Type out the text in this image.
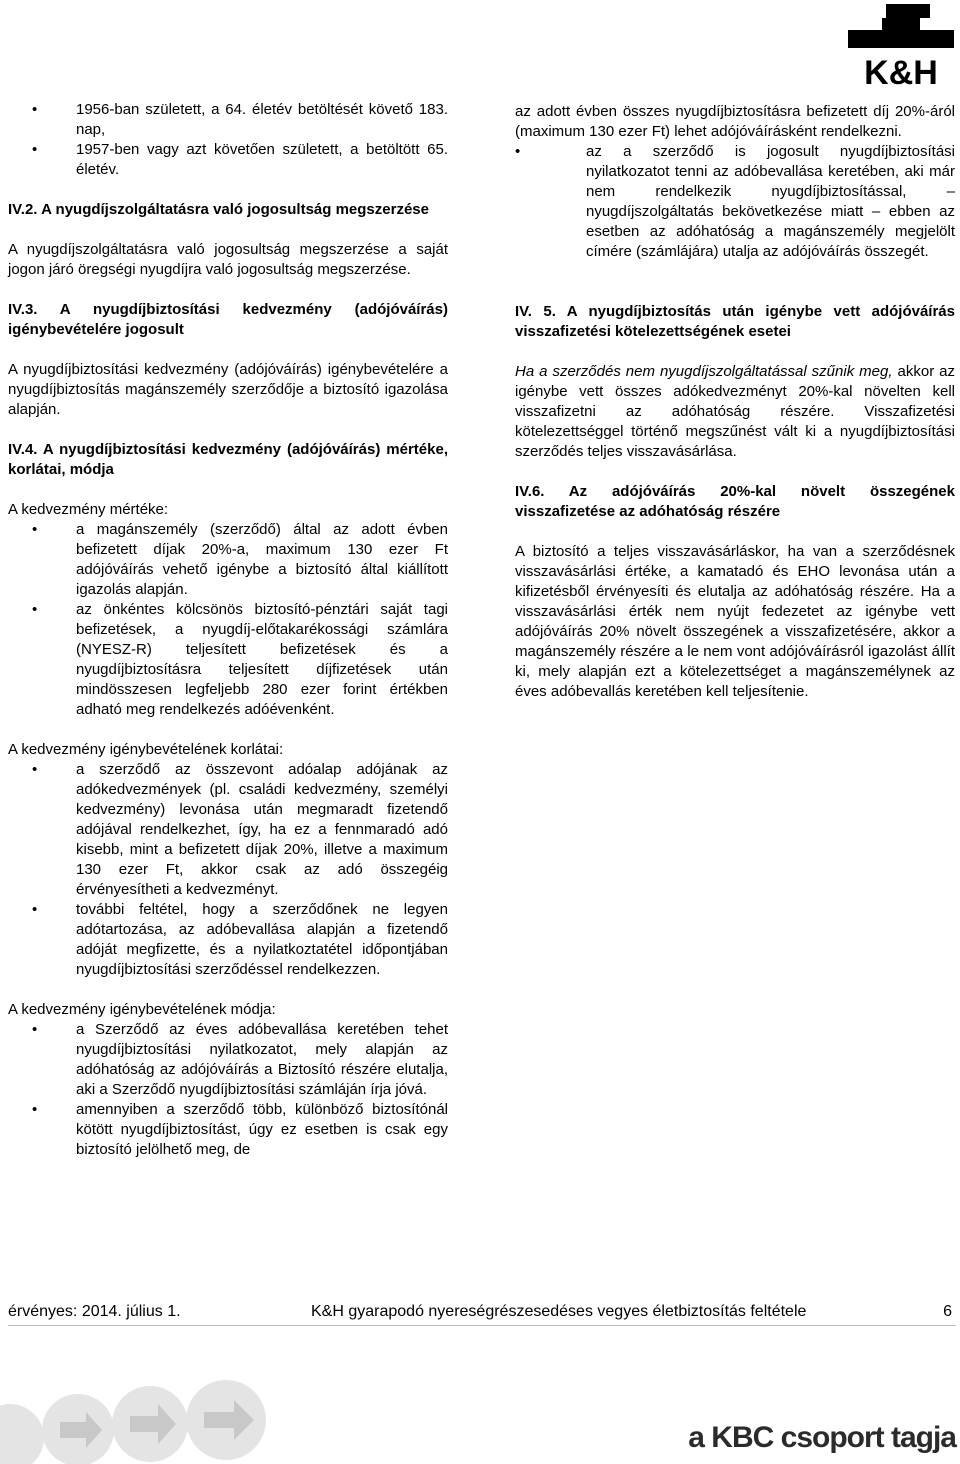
K&H
• 1956-ban született, a 64. életév betöltését követő 183. nap,
• 1957-ben vagy azt követően született, a betöltött 65. életév.

IV.2. A nyugdíjszolgáltatásra való jogosultság megszerzése

A nyugdíjszolgáltatásra való jogosultság megszerzése a saját jogon járó öregségi nyugdíjra való jogosultság megszerzése.

IV.3. A nyugdíjbiztosítási kedvezmény (adójóváírás) igénybevételére jogosult

A nyugdíjbiztosítási kedvezmény (adójóváírás) igénybevételére a nyugdíjbiztosítás magánszemély szerződője a biztosító igazolása alapján.

IV.4. A nyugdíjbiztosítási kedvezmény (adójóváírás) mértéke, korlátai, módja

A kedvezmény mértéke:

• a magánszemély (szerződő) által az adott évben befizetett díjak 20%-a, maximum 130 ezer Ft adójóváírás vehető igénybe a biztosító által kiállított igazolás alapján.
• az önkéntes kölcsönös biztosító-pénztári saját tagi befizetések, a nyugdíj-előtakarékossági számlára (NYESZ-R) teljesített befizetések és a nyugdíjbiztosításra teljesített díjfizetések után mindösszesen legfeljebb 280 ezer forint értékben adható meg rendelkezés adóévenként.

A kedvezmény igénybevételének korlátai:

• a szerződő az összevont adóalap adójának az adókedvezmények (pl. családi kedvezmény, személyi kedvezmény) levonása után megmaradt fizetendő adójával rendelkezhet, így, ha ez a fennmaradó adó kisebb, mint a befizetett díjak 20%, illetve a maximum 130 ezer Ft, akkor csak az adó összegéig érvényesítheti a kedvezményt.
• további feltétel, hogy a szerződőnek ne legyen adótartozása, az adóbevallása alapján a fizetendő adóját megfizette, és a nyilatkoztatétel időpontjában nyugdíjbiztosítási szerződéssel rendelkezzen.

A kedvezmény igénybevételének módja:

• a Szerződő az éves adóbevallása keretében tehet nyugdíjbiztosítási nyilatkozatot, mely alapján az adóhatóság az adójóváírás a Biztosító részére elutalja, aki a Szerződő nyugdíjbiztosítási számláján írja jóvá.
• amennyiben a szerződő több, különböző biztosítónál kötött nyugdíjbiztosítást, úgy ez esetben is csak egy biztosító jelölhető meg, de

az adott évben összes nyugdíjbiztosításra befizetett díj 20%-áról (maximum 130 ezer Ft) lehet adójóváírásként rendelkezni.

• az a szerződő is jogosult nyugdíjbiztosítási nyilatkozatot tenni az adóbevallása keretében, aki már nem rendelkezik nyugdíjbiztosítással, – nyugdíjszolgáltatás bekövetkezése miatt – ebben az esetben az adóhatóság a magánszemély megjelölt címére (számlájára) utalja az adójóváírás összegét.

IV. 5. A nyugdíjbiztosítás után igénybe vett adójóváírás visszafizetési kötelezettségének esetei

Ha a szerződés nem nyugdíjszolgáltatással szűnik meg, akkor az igénybe vett összes adókedvezményt 20%-kal növelten kell visszafizetni az adóhatóság részére. Visszafizetési kötelezettséggel történő megszűnést vált ki a nyugdíjbiztosítási szerződés teljes visszavásárlása.

IV.6. Az adójóváírás 20%-kal növelt összegének visszafizetése az adóhatóság részére

A biztosító a teljes visszavásárláskor, ha van a szerződésnek visszavásárlási értéke, a kamatadó és EHO levonása után a kifizetésből érvényesíti és elutalja az adóhatóság részére. Ha a visszavásárlási érték nem nyújt fedezetet az igénybe vett adójóváírás 20% növelt összegének a visszafizetésére, akkor a magánszemély részére a le nem vont adójóváírásról igazolást állít ki, mely alapján ezt a kötelezettséget a magánszemélynek az éves adóbevallás keretében kell teljesítenie.

érvényes: 2014. július 1.	K&H gyarapodó nyereségrészesedéses vegyes életbiztosítás feltétele	6
a KBC csoport tagja
